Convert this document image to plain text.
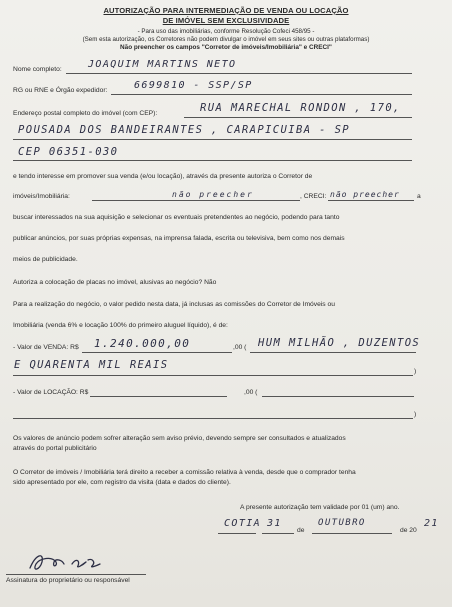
AUTORIZAÇÃO PARA INTERMEDIAÇÃO DE VENDA OU LOCAÇÃO
DE IMÓVEL SEM EXCLUSIVIDADE
- Para uso das imobiliárias, conforme Resolução Cofeci 458/95 -
(Sem esta autorização, os Corretores não podem divulgar o imóvel em seus sites ou outras plataformas)
Não preencher os campos "Corretor de imóveis/Imobiliária" e CRECI"
Nome completo:	JOAQUIM MARTINS NETO
RG ou RNE e Órgão expedidor:	6699810 - SSP/SP
Endereço postal completo do imóvel (com CEP):	RUA MARECHAL RONDON , 170,
POUSADA DOS BANDEIRANTES , CARAPICUIBA - SP
CEP 06351-030
e tendo interesse em promover sua venda (e/ou locação), através da presente autoriza o Corretor de
imóveis/Imobiliária:	não preecher	, CRECI: não preecher	a
buscar interessados na sua aquisição e selecionar os eventuais pretendentes ao negócio, podendo para tanto
publicar anúncios, por suas próprias expensas, na imprensa falada, escrita ou televisiva, bem como nos demais
meios de publicidade.
Autoriza a colocação de placas no imóvel, alusivas ao negócio? Não
Para a realização do negócio, o valor pedido nesta data, já inclusas as comissões do Corretor de Imóveis ou
Imobiliária (venda 6% e locação 100% do primeiro aluguel líquido), é de:
- Valor de VENDA: R$ 1.240.000,00	,00 ( HUM MILHÃO , DUZENTOS
E QUARENTA MIL REAIS
)
- Valor de LOCAÇÃO: R$	,00 (
)
Os valores de anúncio podem sofrer alteração sem aviso prévio, devendo sempre ser consultados e atualizados
através do portal publicitário
O Corretor de imóveis / Imobiliária terá direito a receber a comissão relativa à venda, desde que o comprador tenha
sido apresentado por ele, com registro da visita (data e dados do cliente).
A presente autorização tem validade por 01 (um) ano.
COTIA 31
de
OUTUBRO
de 20
21
Assinatura do proprietário ou responsável
